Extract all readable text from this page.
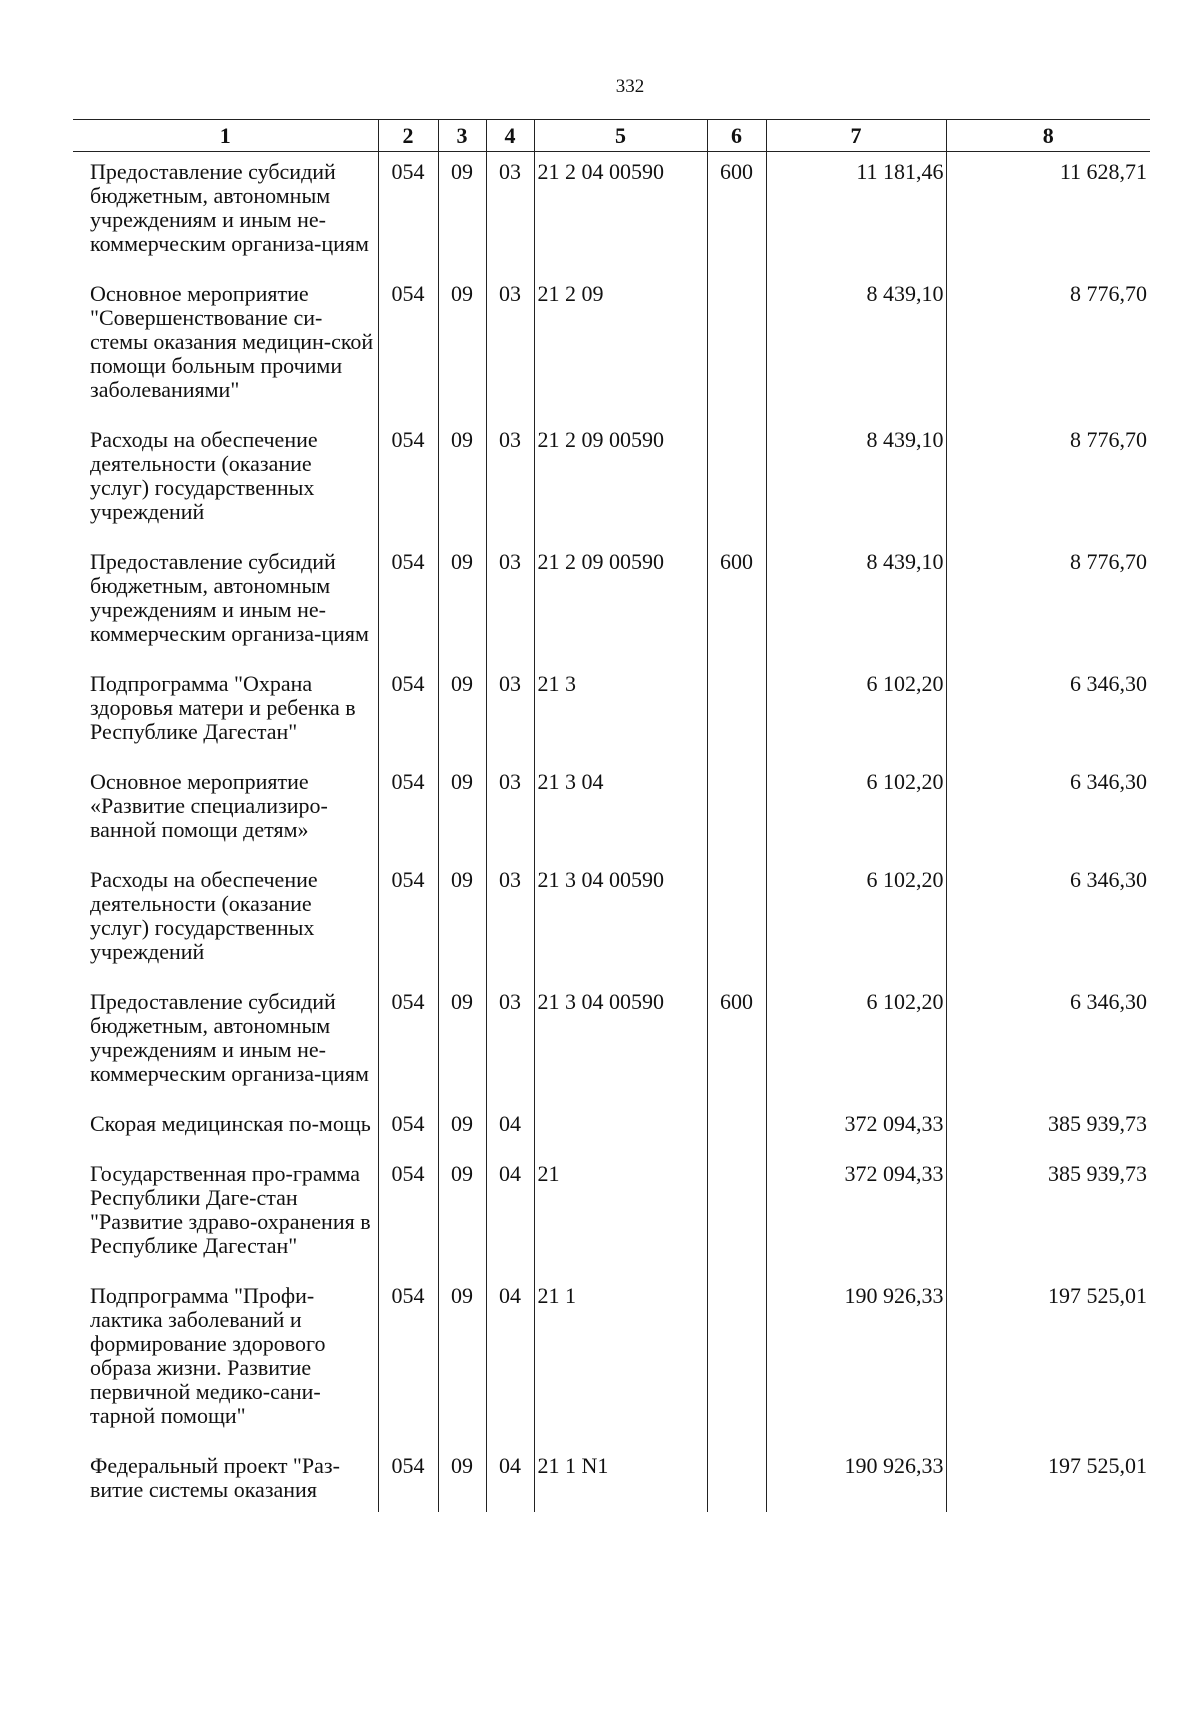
332
1	2	3	4	5	6	7	8
Предоставление субсидий бюджетным, автономным учреждениям и иным не-коммерческим организа-циям	054	09	03	21 2 04 00590	600	11 181,46	11 628,71
Основное мероприятие "Совершенствование си-стемы оказания медицин-ской помощи больным прочими заболеваниями"	054	09	03	21 2 09		8 439,10	8 776,70
Расходы на обеспечение деятельности (оказание услуг) государственных учреждений	054	09	03	21 2 09 00590		8 439,10	8 776,70
Предоставление субсидий бюджетным, автономным учреждениям и иным не-коммерческим организа-циям	054	09	03	21 2 09 00590	600	8 439,10	8 776,70
Подпрограмма "Охрана здоровья матери и ребенка в Республике Дагестан"	054	09	03	21 3		6 102,20	6 346,30
Основное мероприятие «Развитие специализиро-ванной помощи детям»	054	09	03	21 3 04		6 102,20	6 346,30
Расходы на обеспечение деятельности (оказание услуг) государственных учреждений	054	09	03	21 3 04 00590		6 102,20	6 346,30
Предоставление субсидий бюджетным, автономным учреждениям и иным не-коммерческим организа-циям	054	09	03	21 3 04 00590	600	6 102,20	6 346,30
Скорая медицинская по-мощь	054	09	04			372 094,33	385 939,73
Государственная про-грамма Республики Даге-стан "Развитие здраво-охранения в Республике Дагестан"	054	09	04	21		372 094,33	385 939,73
Подпрограмма "Профи-лактика заболеваний и формирование здорового образа жизни. Развитие первичной медико-сани-тарной помощи"	054	09	04	21 1		190 926,33	197 525,01
Федеральный проект "Раз-витие системы оказания	054	09	04	21 1 N1		190 926,33	197 525,01
